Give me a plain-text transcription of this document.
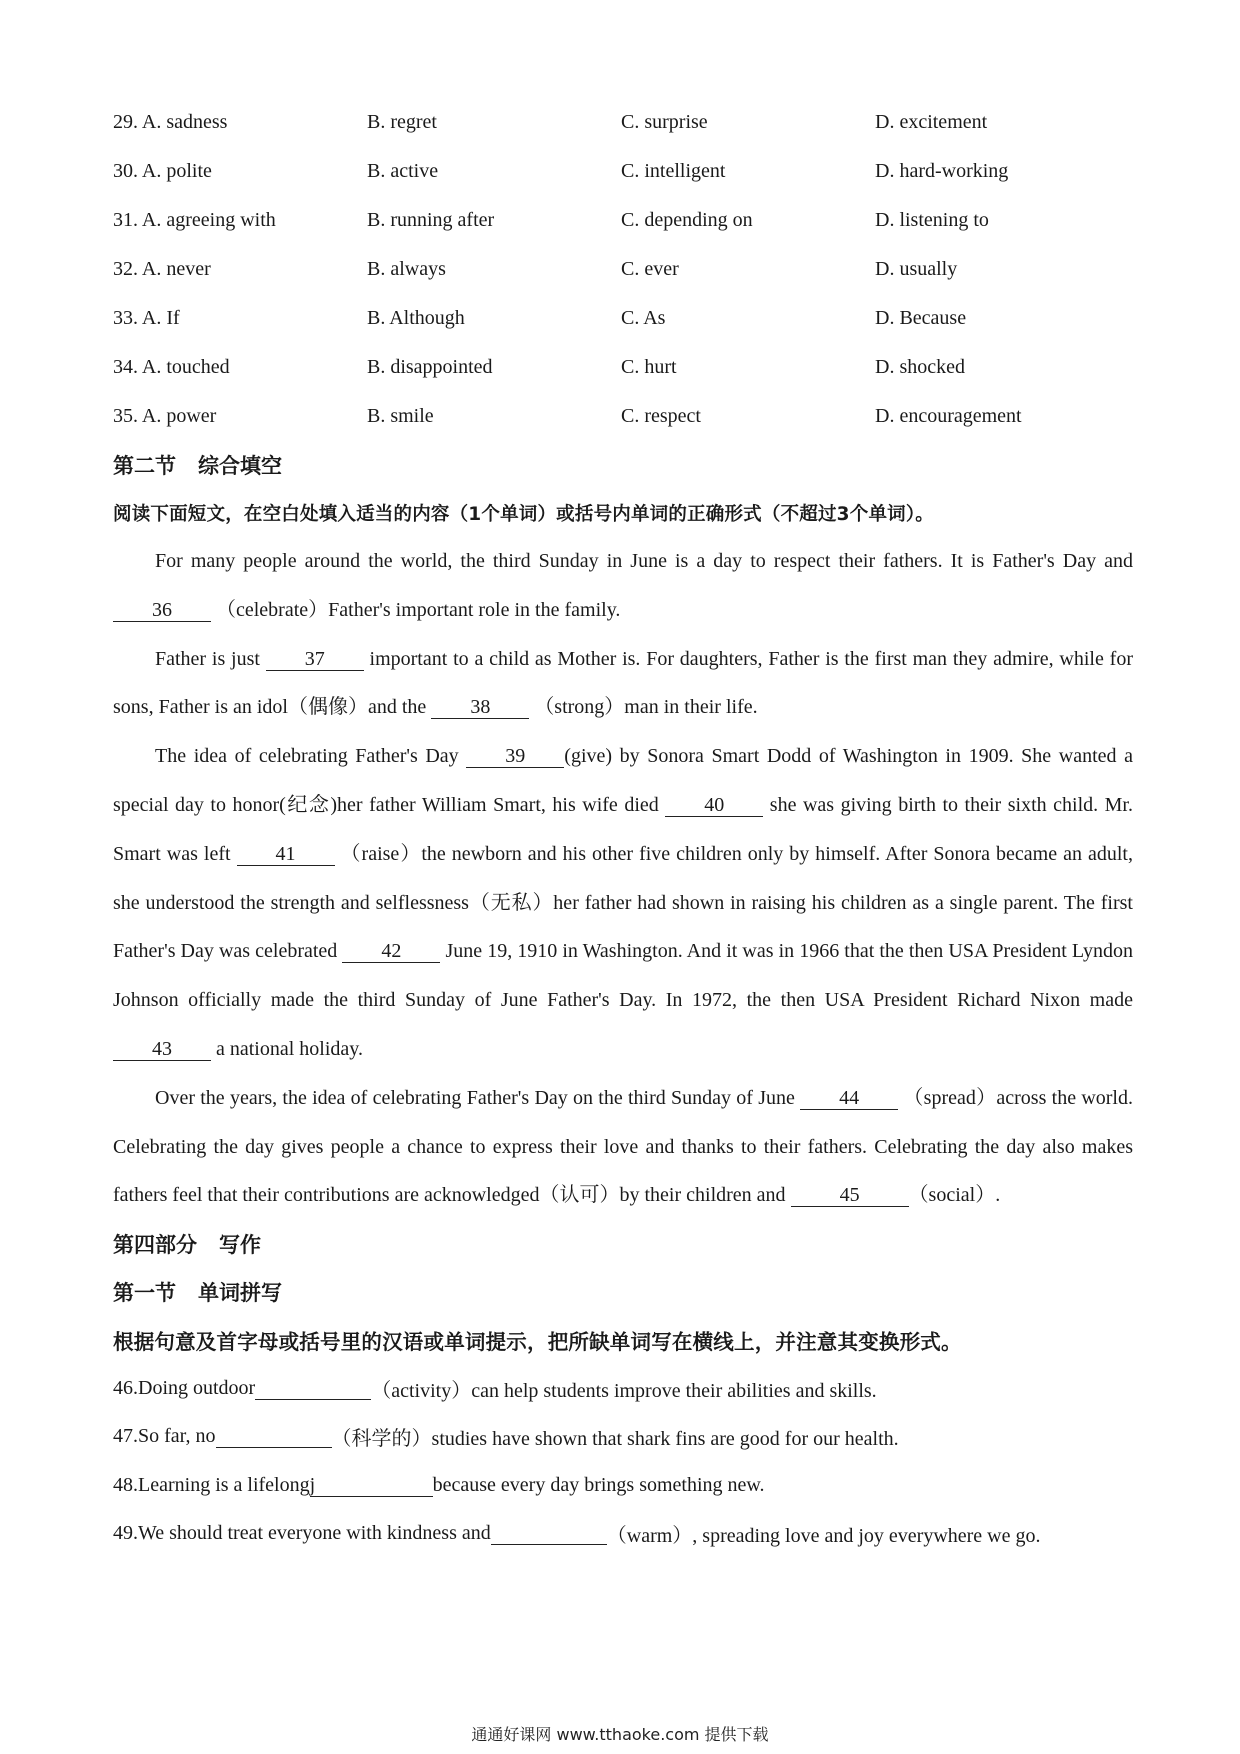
29. A. sadness	B. regret	C. surprise	D. excitement
30. A. polite	B. active	C. intelligent	D. hard-working
31. A. agreeing with	B. running after	C. depending on	D. listening to
32. A. never	B. always	C. ever	D. usually
33. A. If	B. Although	C. As	D. Because
34. A. touched	B. disappointed	C. hurt	D. shocked
35. A. power	B. smile	C. respect	D. encouragement
第二节 综合填空
阅读下面短文，在空白处填入适当的内容（1个单词）或括号内单词的正确形式（不超过3个单词）。

For many people around the world, the third Sunday in June is a day to respect their fathers. It is Father's Day and 36 （celebrate）Father's important role in the family.

Father is just 37 important to a child as Mother is. For daughters, Father is the first man they admire, while for sons, Father is an idol（偶像）and the 38 （strong）man in their life.

The idea of celebrating Father's Day 39 (give) by Sonora Smart Dodd of Washington in 1909. She wanted a special day to honor(纪念)her father William Smart, his wife died 40 she was giving birth to their sixth child. Mr. Smart was left 41 （raise）the newborn and his other five children only by himself. After Sonora became an adult, she understood the strength and selflessness（无私）her father had shown in raising his children as a single parent. The first Father's Day was celebrated 42 June 19, 1910 in Washington. And it was in 1966 that the then USA President Lyndon Johnson officially made the third Sunday of June Father's Day. In 1972, the then USA President Richard Nixon made 43 a national holiday.

Over the years, the idea of celebrating Father's Day on the third Sunday of June 44 （spread）across the world. Celebrating the day gives people a chance to express their love and thanks to their fathers. Celebrating the day also makes fathers feel that their contributions are acknowledged（认可）by their children and 45 （social）.

第四部分 写作
第一节 单词拼写
根据句意及首字母或括号里的汉语或单词提示，把所缺单词写在横线上，并注意其变换形式。
46.Doing outdoor	（activity）can help students improve their abilities and skills.
47.So far, no	（科学的）studies have shown that shark fins are good for our health.
48.Learning is a lifelong j	because every day brings something new.
49.We should treat everyone with kindness and	（warm）, spreading love and joy everywhere we go.
通通好课网 www.tthaoke.com 提供下载
